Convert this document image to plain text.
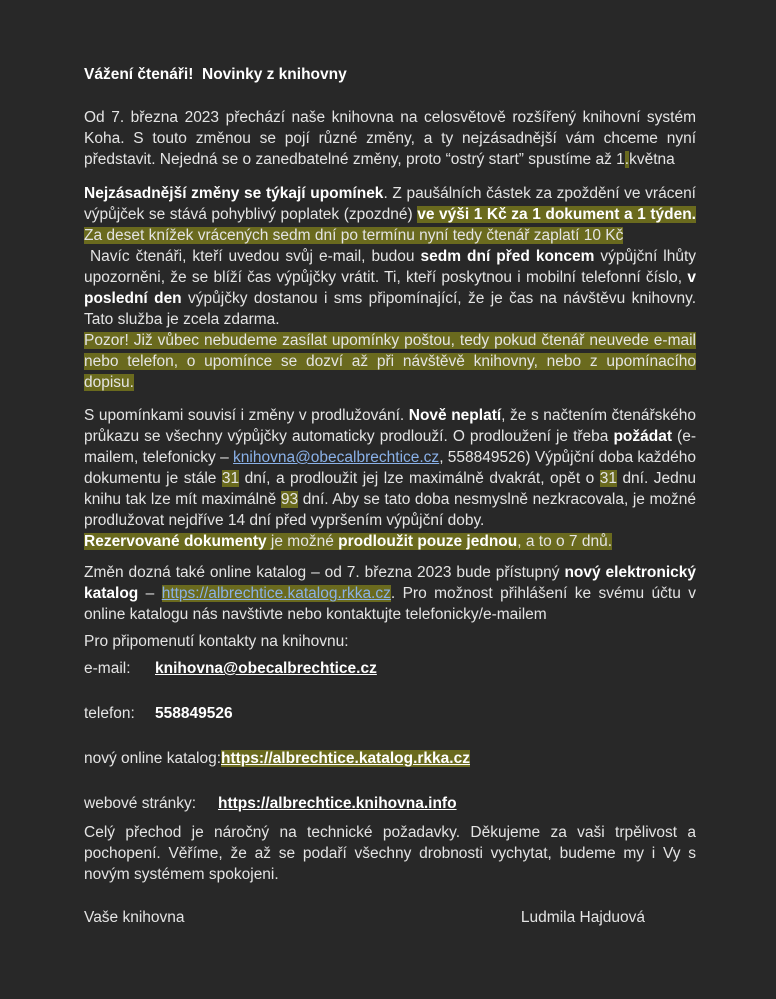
Vážení čtenáři!  Novinky z knihovny

Od 7. března 2023 přechází naše knihovna na celosvětově rozšířený knihovní systém Koha. S touto změnou se pojí různé změny, a ty nejzásadnější vám chceme nyní představit. Nejedná se o zanedbatelné změny, proto “ostrý start” spustíme až 1.května

Nejzásadnější změny se týkají upomínek. Z paušálních částek za zpoždění ve vrácení výpůjček se stává pohyblivý poplatek (zpozdné) ve výši 1 Kč za 1 dokument a 1 týden. Za deset knížek vrácených sedm dní po termínu nyní tedy čtenář zaplatí 10 Kč

Navíc čtenáři, kteří uvedou svůj e-mail, budou sedm dní před koncem výpůjční lhůty upozorněni, že se blíží čas výpůjčky vrátit. Ti, kteří poskytnou i mobilní telefonní číslo, v poslední den výpůjčky dostanou i sms připomínající, že je čas na návštěvu knihovny. Tato služba je zcela zdarma.

Pozor! Již vůbec nebudeme zasílat upomínky poštou, tedy pokud čtenář neuvede e-mail nebo telefon, o upomínce se dozví až při návštěvě knihovny, nebo z upomínacího dopisu.

S upomínkami souvisí i změny v prodlužování. Nově neplatí, že s načtením čtenářského průkazu se všechny výpůjčky automaticky prodlouží. O prodloužení je třeba požádat (e-mailem, telefonicky – knihovna@obecalbrechtice.cz, 558849526) Výpůjční doba každého dokumentu je stále 31 dní, a prodloužit jej lze maximálně dvakrát, opět o 31 dní. Jednu knihu tak lze mít maximálně 93 dní. Aby se tato doba nesmyslně nezkracovala, je možné prodlužovat nejdříve 14 dní před vypršením výpůjční doby.

Rezervované dokumenty je možné prodloužit pouze jednou, a to o 7 dnů.

Změn dozná také online katalog – od 7. března 2023 bude přístupný nový elektronický katalog – https://albrechtice.katalog.rkka.cz. Pro možnost přihlášení ke svému účtu v online katalogu nás navštivte nebo kontaktujte telefonicky/e-mailem

Pro připomenutí kontakty na knihovnu:

e-mail: knihovna@obecalbrechtice.cz
telefon: 558849526
nový online katalog:https://albrechtice.katalog.rkka.cz
webové stránky: https://albrechtice.knihovna.info

Celý přechod je náročný na technické požadavky. Děkujeme za vaši trpělivost a pochopení. Věříme, že až se podaří všechny drobnosti vychytat, budeme my i Vy s novým systémem spokojeni.

Vaše knihovna	Ludmila Hajduová
